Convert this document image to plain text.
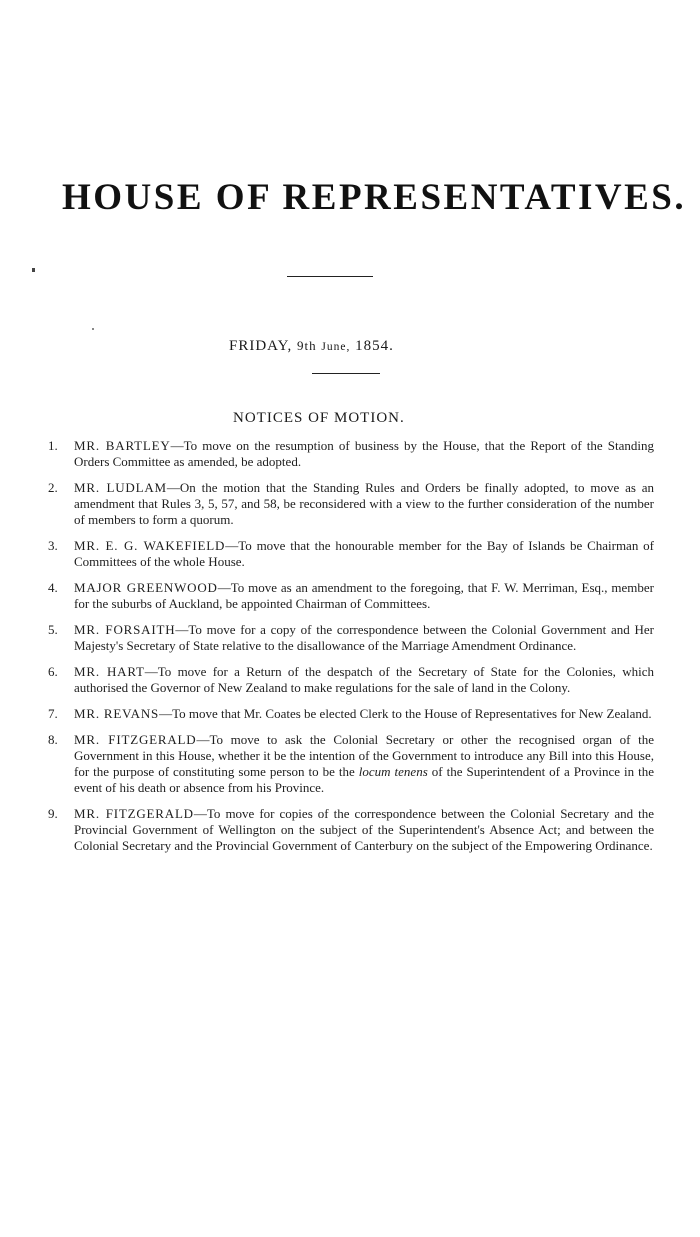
HOUSE OF REPRESENTATIVES.
FRIDAY, 9th June, 1854.
NOTICES OF MOTION.
1. MR. BARTLEY—To move on the resumption of business by the House, that the Report of the Standing Orders Committee as amended, be adopted.
2. MR. LUDLAM—On the motion that the Standing Rules and Orders be finally adopted, to move as an amendment that Rules 3, 5, 57, and 58, be reconsidered with a view to the further consideration of the number of members to form a quorum.
3. MR. E. G. WAKEFIELD—To move that the honourable member for the Bay of Islands be Chairman of Committees of the whole House.
4. MAJOR GREENWOOD—To move as an amendment to the foregoing, that F. W. Merriman, Esq., member for the suburbs of Auckland, be appointed Chairman of Committees.
5. MR. FORSAITH—To move for a copy of the correspondence between the Colonial Government and Her Majesty's Secretary of State relative to the disallowance of the Marriage Amendment Ordinance.
6. MR. HART—To move for a Return of the despatch of the Secretary of State for the Colonies, which authorised the Governor of New Zealand to make regulations for the sale of land in the Colony.
7. MR. REVANS—To move that Mr. Coates be elected Clerk to the House of Representatives for New Zealand.
8. MR. FITZGERALD—To move to ask the Colonial Secretary or other the recognised organ of the Government in this House, whether it be the intention of the Government to introduce any Bill into this House, for the purpose of constituting some person to be the locum tenens of the Superintendent of a Province in the event of his death or absence from his Province.
9. MR. FITZGERALD—To move for copies of the correspondence between the Colonial Secretary and the Provincial Government of Wellington on the subject of the Superintendent's Absence Act; and between the Colonial Secretary and the Provincial Government of Canterbury on the subject of the Empowering Ordinance.
